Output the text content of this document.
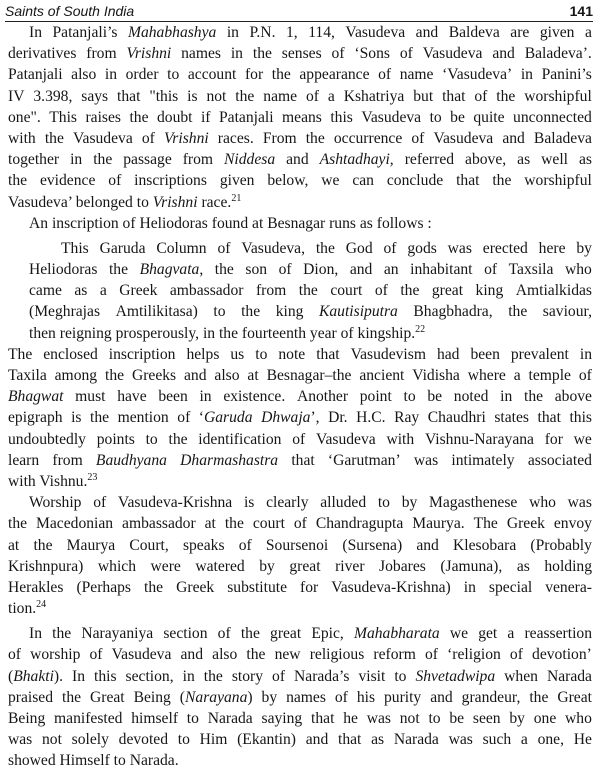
Saints of South India	141
In Patanjali’s Mahabhashya in P.N. 1, 114, Vasudeva and Baldeva are given a
derivatives from Vrishni names in the senses of ‘Sons of Vasudeva and Baladeva’.
Patanjali also in order to account for the appearance of name ‘Vasudeva’ in Panini’s
IV 3.398, says that "this is not the name of a Kshatriya but that of the worshipful
one". This raises the doubt if Patanjali means this Vasudeva to be quite unconnected
with the Vasudeva of Vrishni races. From the occurrence of Vasudeva and Baladeva
together in the passage from Niddesa and Ashtadhayi, referred above, as well as
the evidence of inscriptions given below, we can conclude that the worshipful
Vasudeva’ belonged to Vrishni race.$^{21}$
An inscription of Heliodoras found at Besnagar runs as follows :
This Garuda Column of Vasudeva, the God of gods was erected here by
Heliodoras the Bhagvata, the son of Dion, and an inhabitant of Taxsila who
came as a Greek ambassador from the court of the great king Amtialkidas
(Meghrajas Amtilikitasa) to the king Kautisiputra Bhagbhadra, the saviour,
then reigning prosperously, in the fourteenth year of kingship.$^{22}$
The enclosed inscription helps us to note that Vasudevism had been prevalent in
Taxila among the Greeks and also at Besnagar–the ancient Vidisha where a temple of
Bhagwat must have been in existence. Another point to be noted in the above
epigraph is the mention of ‘Garuda Dhwaja’, Dr. H.C. Ray Chaudhri states that this
undoubtedly points to the identification of Vasudeva with Vishnu-Narayana for we
learn from Baudhyana Dharmashastra that ‘Garutman’ was intimately associated
with Vishnu.$^{23}$
Worship of Vasudeva-Krishna is clearly alluded to by Magasthenese who was
the Macedonian ambassador at the court of Chandragupta Maurya. The Greek envoy
at the Maurya Court, speaks of Soursenoi (Sursena) and Klesobara (Probably
Krishnpura) which were watered by great river Jobares (Jamuna), as holding
Herakles (Perhaps the Greek substitute for Vasudeva-Krishna) in special venera-
tion.$^{24}$
In the Narayaniya section of the great Epic, Mahabharata we get a reassertion
of worship of Vasudeva and also the new religious reform of ‘religion of devotion’
(Bhakti). In this section, in the story of Narada’s visit to Shvetadwipa when Narada
praised the Great Being (Narayana) by names of his purity and grandeur, the Great
Being manifested himself to Narada saying that he was not to be seen by one who
was not solely devoted to Him (Ekantin) and that as Narada was such a one, He
showed Himself to Narada.
